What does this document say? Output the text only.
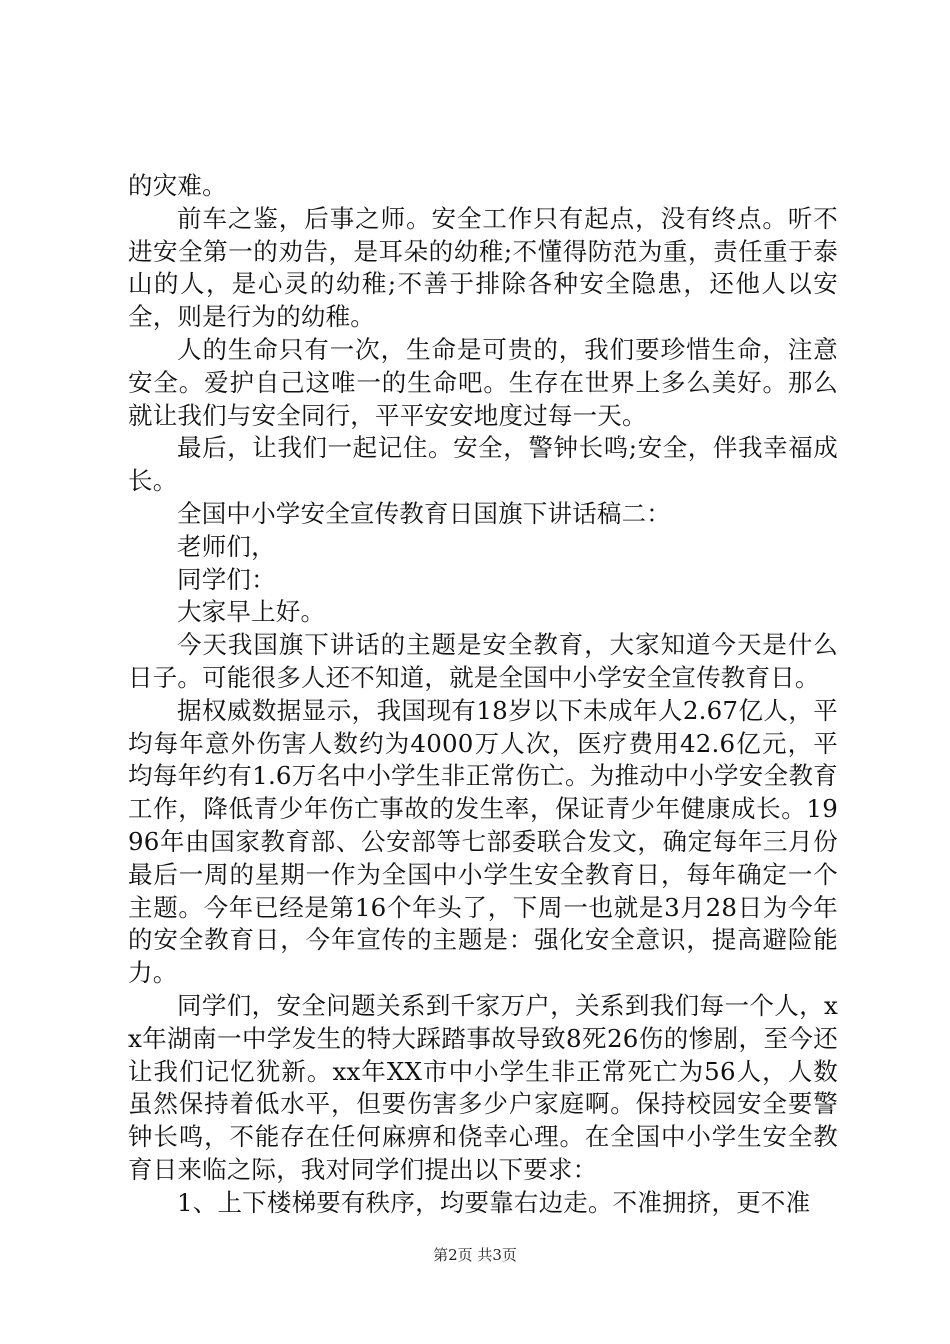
的灾难。

前车之鉴，后事之师。安全工作只有起点，没有终点。听不进安全第一的劝告，是耳朵的幼稚;不懂得防范为重，责任重于泰山的人，是心灵的幼稚;不善于排除各种安全隐患，还他人以安全，则是行为的幼稚。

人的生命只有一次，生命是可贵的，我们要珍惜生命，注意安全。爱护自己这唯一的生命吧。生存在世界上多么美好。那么就让我们与安全同行，平平安安地度过每一天。

最后，让我们一起记住。安全，警钟长鸣;安全，伴我幸福成长。

全国中小学安全宣传教育日国旗下讲话稿二：

老师们，

同学们：

大家早上好。

今天我国旗下讲话的主题是安全教育，大家知道今天是什么日子。可能很多人还不知道，就是全国中小学安全宣传教育日。

据权威数据显示，我国现有18岁以下未成年人2.67亿人，平均每年意外伤害人数约为4000万人次，医疗费用42.6亿元，平均每年约有1.6万名中小学生非正常伤亡。为推动中小学安全教育工作，降低青少年伤亡事故的发生率，保证青少年健康成长。1996年由国家教育部、公安部等七部委联合发文，确定每年三月份最后一周的星期一作为全国中小学生安全教育日，每年确定一个主题。今年已经是第16个年头了，下周一也就是3月28日为今年的安全教育日，今年宣传的主题是：强化安全意识，提高避险能力。

同学们，安全问题关系到千家万户，关系到我们每一个人，xx年湖南一中学发生的特大踩踏事故导致8死26伤的惨剧，至今还让我们记忆犹新。xx年XX市中小学生非正常死亡为56人，人数虽然保持着低水平，但要伤害多少户家庭啊。保持校园安全要警钟长鸣，不能存在任何麻痹和侥幸心理。在全国中小学生安全教育日来临之际，我对同学们提出以下要求：

1、上下楼梯要有秩序，均要靠右边走。不准拥挤，更不准

第2页 共3页
